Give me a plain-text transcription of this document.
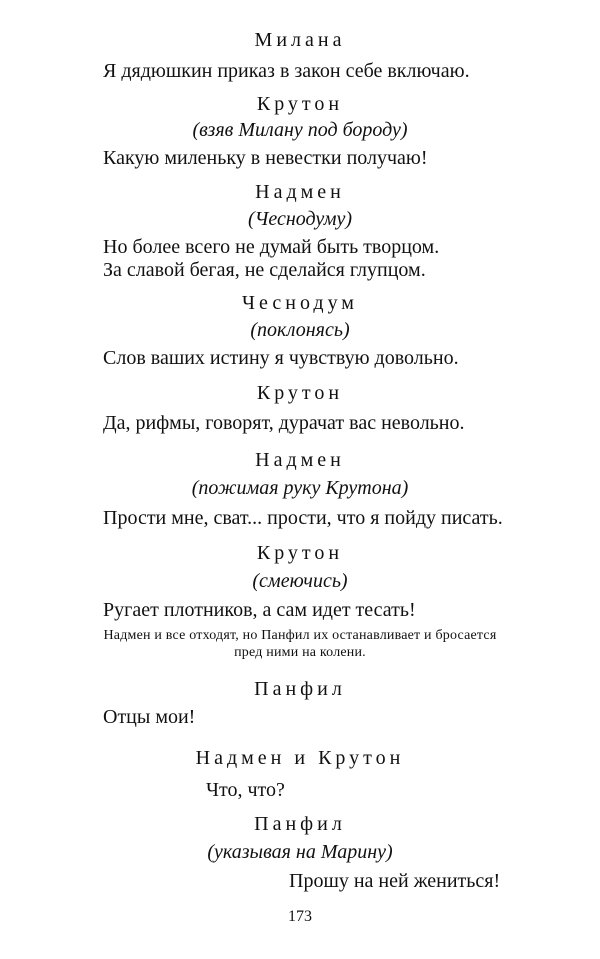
Милана
Я дядюшкин приказ в закон себе включаю.
Крутон
(взяв Милану под бороду)
Какую миленьку в невестки получаю!
Надмен
(Чеснодуму)
Но более всего не думай быть творцом.
За славой бегая, не сделайся глупцом.
Чеснодум
(поклонясь)
Слов ваших истину я чувствую довольно.
Крутон
Да, рифмы, говорят, дурачат вас невольно.
Надмен
(пожимая руку Крутона)
Прости мне, сват... прости, что я пойду писать.
Крутон
(смеючись)
Ругает плотников, а сам идет тесать!
Надмен и все отходят, но Панфил их останавливает и бросается
пред ними на колени.
Панфил
Отцы мои!
Надмен и Крутон
Что, что?
Панфил
(указывая на Марину)
Прошу на ней жениться!
173
